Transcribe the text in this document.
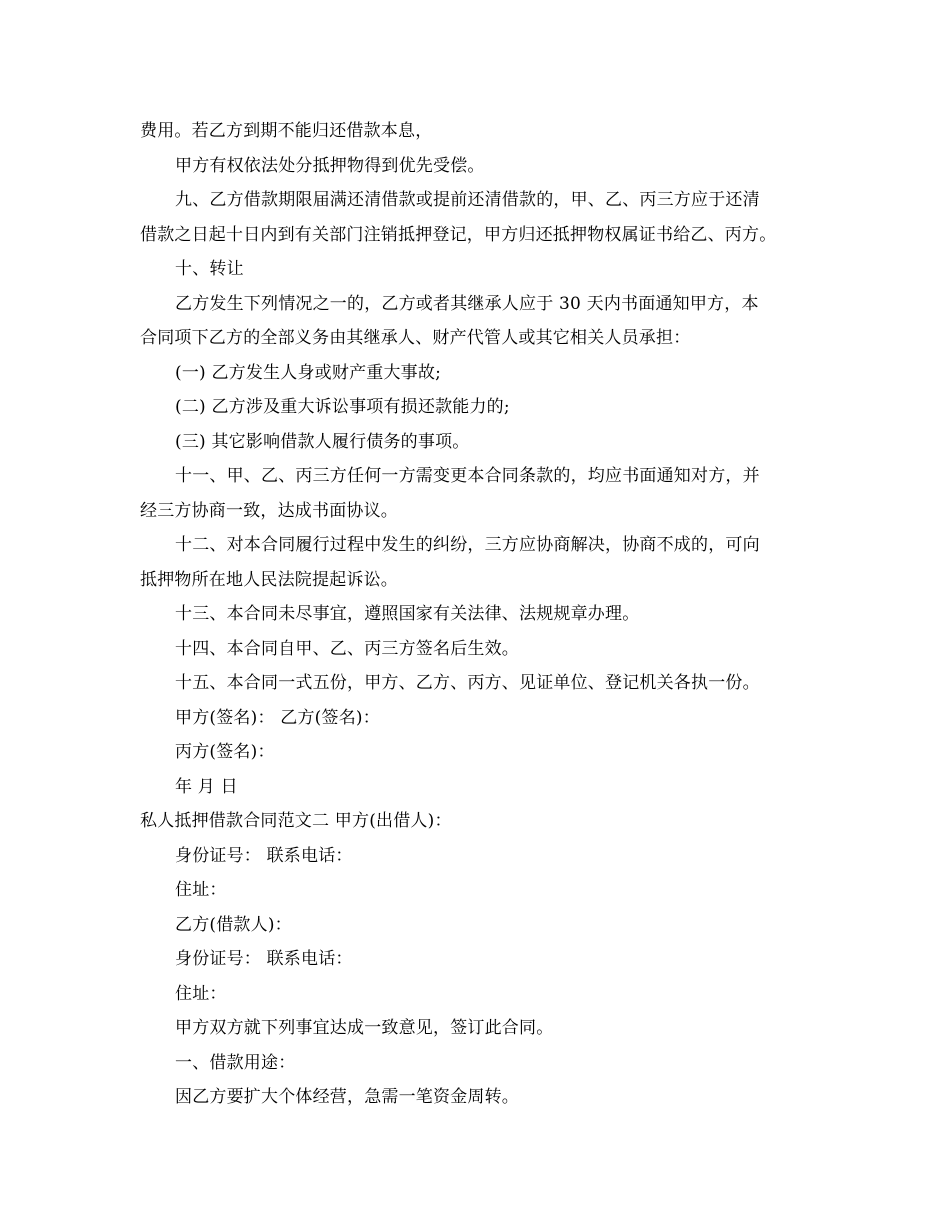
费用。若乙方到期不能归还借款本息，
甲方有权依法处分抵押物得到优先受偿。
九、乙方借款期限届满还清借款或提前还清借款的，甲、乙、丙三方应于还清
借款之日起十日内到有关部门注销抵押登记，甲方归还抵押物权属证书给乙、丙方。
十、转让
乙方发生下列情况之一的，乙方或者其继承人应于 30 天内书面通知甲方，本
合同项下乙方的全部义务由其继承人、财产代管人或其它相关人员承担：
(一) 乙方发生人身或财产重大事故;
(二) 乙方涉及重大诉讼事项有损还款能力的;
(三) 其它影响借款人履行债务的事项。
十一、甲、乙、丙三方任何一方需变更本合同条款的，均应书面通知对方，并
经三方协商一致，达成书面协议。
十二、对本合同履行过程中发生的纠纷，三方应协商解决，协商不成的，可向
抵押物所在地人民法院提起诉讼。
十三、本合同未尽事宜，遵照国家有关法律、法规规章办理。
十四、本合同自甲、乙、丙三方签名后生效。
十五、本合同一式五份，甲方、乙方、丙方、见证单位、登记机关各执一份。
甲方(签名)： 乙方(签名)：
丙方(签名)：
年 月 日
私人抵押借款合同范文二 甲方(出借人)：
身份证号： 联系电话：
住址：
乙方(借款人)：
身份证号： 联系电话：
住址：
甲方双方就下列事宜达成一致意见，签订此合同。
一、借款用途：
因乙方要扩大个体经营，急需一笔资金周转。
